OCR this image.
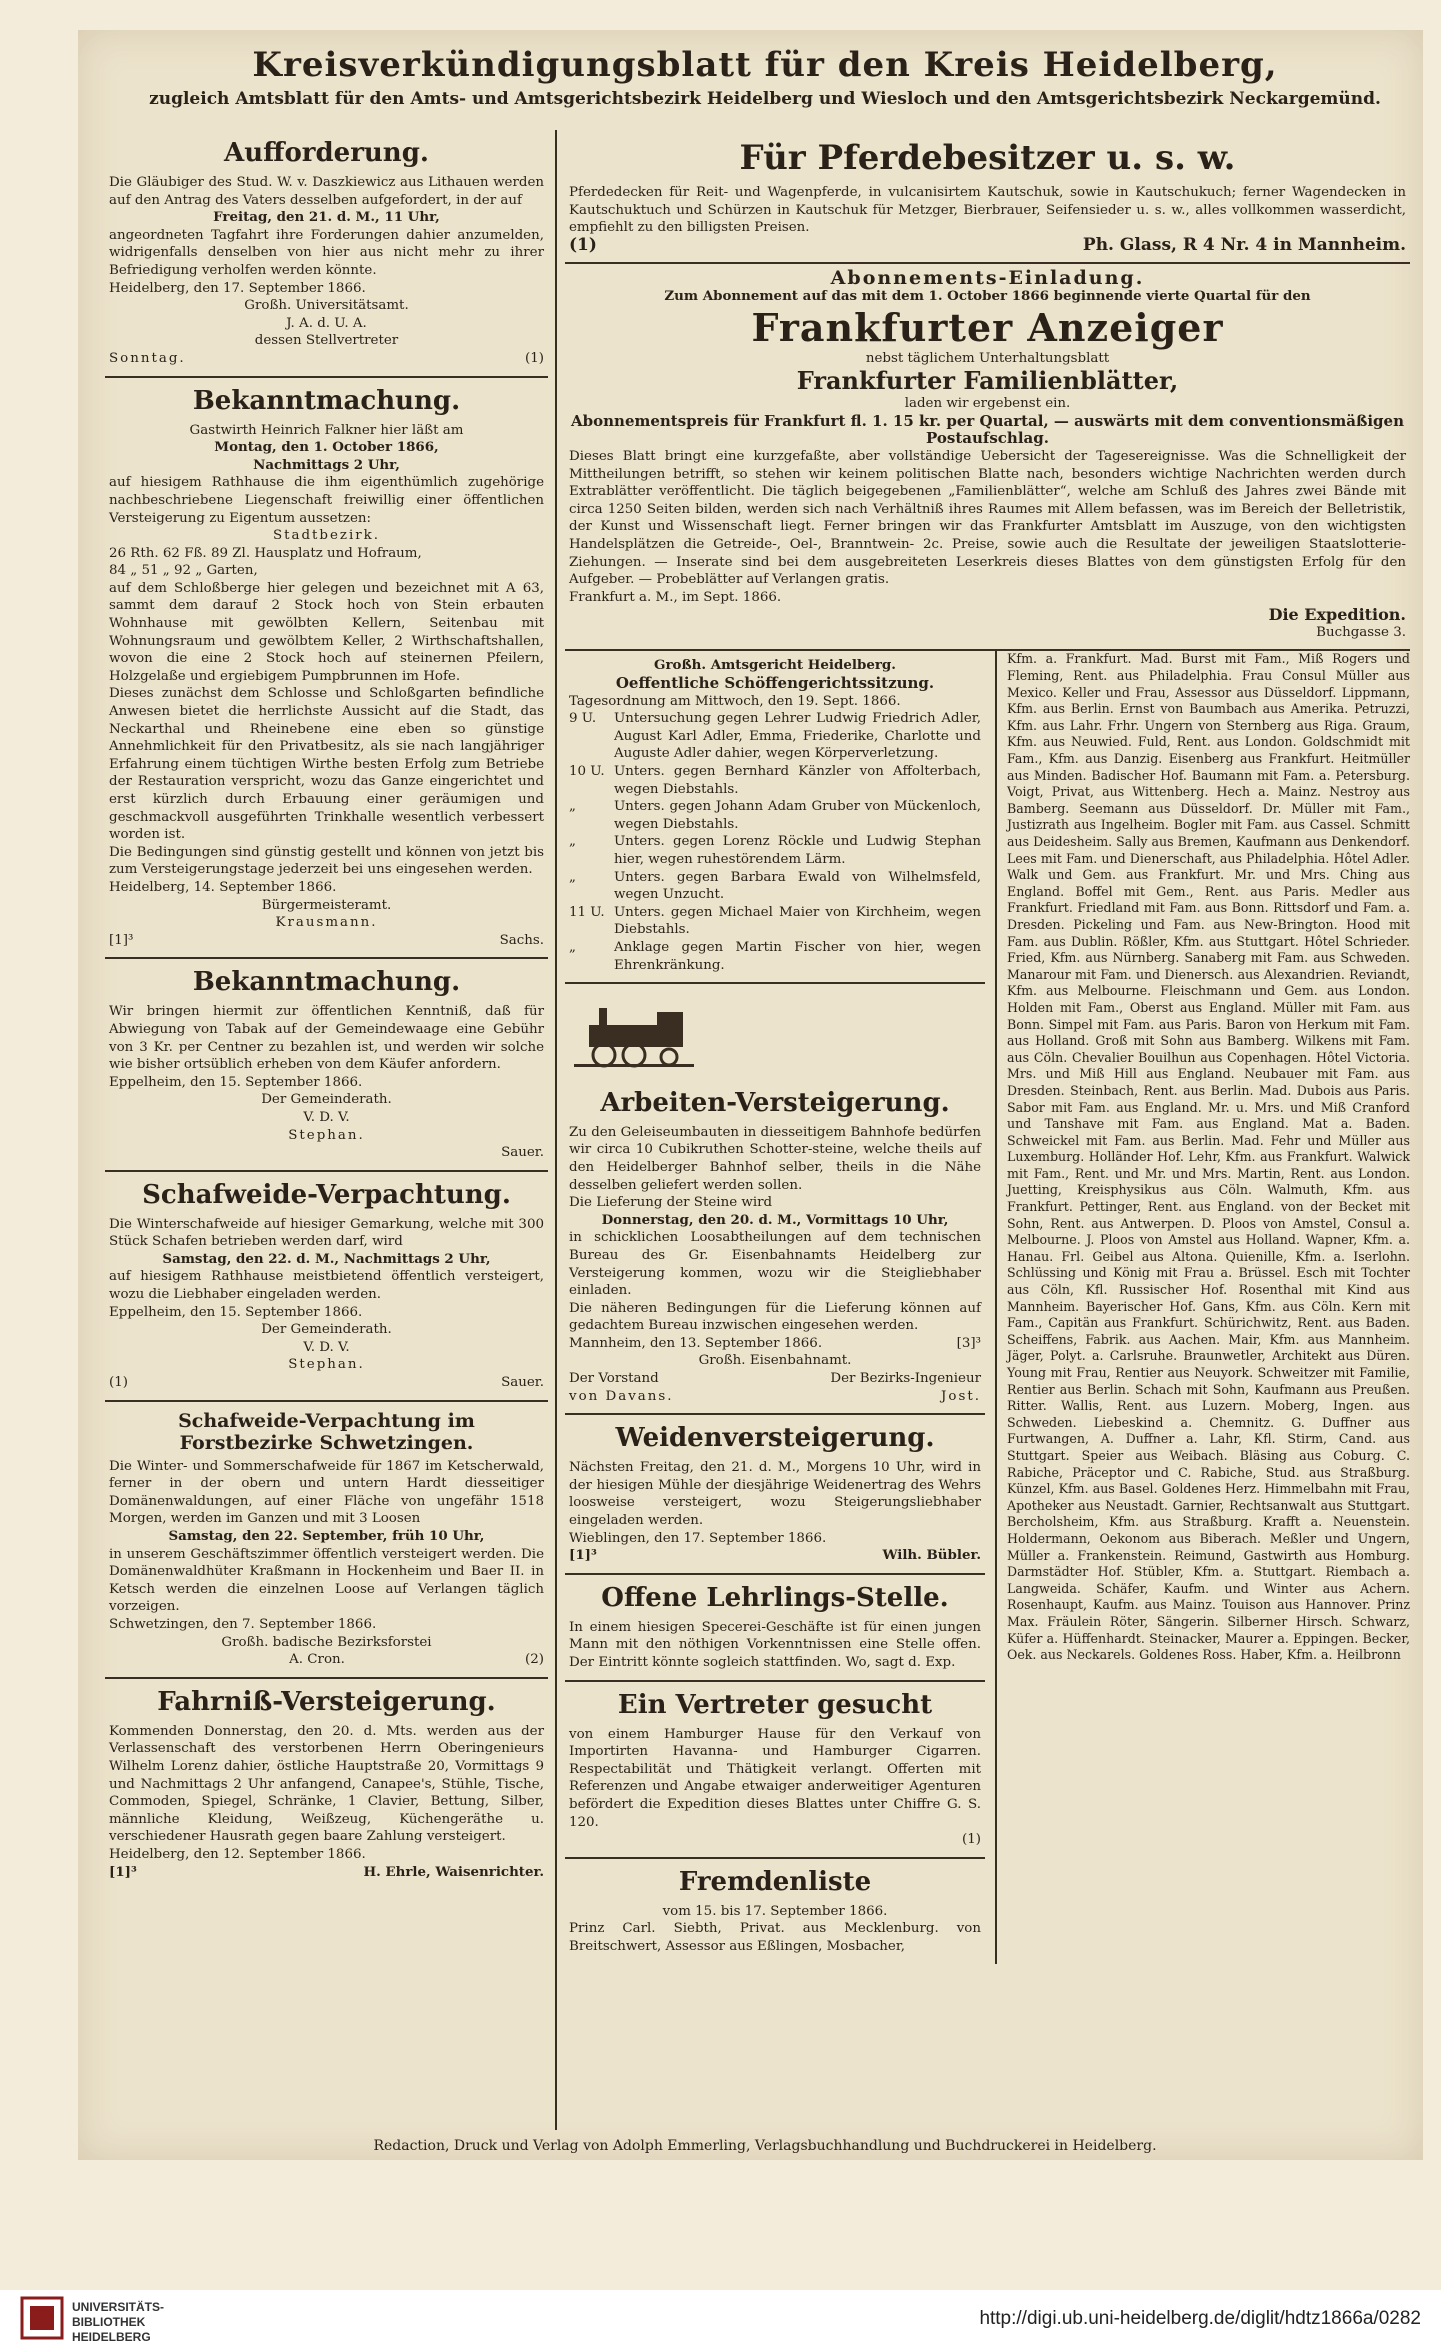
Kreisverkündigungsblatt für den Kreis Heidelberg,
zugleich Amtsblatt für den Amts- und Amtsgerichtsbezirk Heidelberg und Wiesloch und den Amtsgerichtsbezirk Neckargemünd.
Aufforderung.
Die Gläubiger des Stud. W. v. Daszkiewicz aus Lithauen werden auf den Antrag des Vaters desselben aufgefordert, in der auf
Freitag, den 21. d. M., 11 Uhr,
angeordneten Tagfahrt ihre Forderungen dahier anzumelden, widrigenfalls denselben von hier aus nicht mehr zu ihrer Befriedigung verholfen werden könnte.
Heidelberg, den 17. September 1866.
Großh. Universitätsamt.
J. A. d. U. A.
dessen Stellvertreter
Sonntag.	(1)
Bekanntmachung.
Gastwirth Heinrich Falkner hier läßt am
Montag, den 1. October 1866,
Nachmittags 2 Uhr,
auf hiesigem Rathhause die ihm eigenthümlich zugehörige nachbeschriebene Liegenschaft freiwillig einer öffentlichen Versteigerung zu Eigentum aussetzen:
Stadtbezirk.
26 Rth. 62 Fß. 89 Zl. Hausplatz und Hofraum,
84 „ 51 „ 92 „ Garten,
auf dem Schloßberge hier gelegen und bezeichnet mit A 63, sammt dem darauf 2 Stock hoch von Stein erbauten Wohnhause mit gewölbten Kellern, Seitenbau mit Wohnungsraum und gewölbtem Keller, 2 Wirthschaftshallen, wovon die eine 2 Stock hoch auf steinernen Pfeilern, Holzgelaße und ergiebigem Pumpbrunnen im Hofe.
Dieses zunächst dem Schlosse und Schloßgarten befindliche Anwesen bietet die herrlichste Aussicht auf die Stadt, das Neckarthal und Rheinebene eine eben so günstige Annehmlichkeit für den Privatbesitz, als sie nach langjähriger Erfahrung einem tüchtigen Wirthe besten Erfolg zum Betriebe der Restauration verspricht, wozu das Ganze eingerichtet und erst kürzlich durch Erbauung einer geräumigen und geschmackvoll ausgeführten Trinkhalle wesentlich verbessert worden ist.
Die Bedingungen sind günstig gestellt und können von jetzt bis zum Versteigerungstage jederzeit bei uns eingesehen werden.
Heidelberg, 14. September 1866.
Bürgermeisteramt.
Krausmann.
[1]³	Sachs.
Bekanntmachung.
Wir bringen hiermit zur öffentlichen Kenntniß, daß für Abwiegung von Tabak auf der Gemeindewaage eine Gebühr von 3 Kr. per Centner zu bezahlen ist, und werden wir solche wie bisher ortsüblich erheben von dem Käufer anfordern.
Eppelheim, den 15. September 1866.
Der Gemeinderath.
V. D. V.
Stephan.
Sauer.
Schafweide-Verpachtung.
Die Winterschafweide auf hiesiger Gemarkung, welche mit 300 Stück Schafen betrieben werden darf, wird
Samstag, den 22. d. M., Nachmittags 2 Uhr,
auf hiesigem Rathhause meistbietend öffentlich versteigert, wozu die Liebhaber eingeladen werden.
Eppelheim, den 15. September 1866.
Der Gemeinderath.
V. D. V.
Stephan.
(1)	Sauer.
Schafweide-Verpachtung im Forstbezirke Schwetzingen.
Die Winter- und Sommerschafweide für 1867 im Ketscherwald, ferner in der obern und untern Hardt diesseitiger Domänenwaldungen, auf einer Fläche von ungefähr 1518 Morgen, werden im Ganzen und mit 3 Loosen
Samstag, den 22. September, früh 10 Uhr,
in unserem Geschäftszimmer öffentlich versteigert werden. Die Domänenwaldhüter Kraßmann in Hockenheim und Baer II. in Ketsch werden die einzelnen Loose auf Verlangen täglich vorzeigen.
Schwetzingen, den 7. September 1866.
Großh. badische Bezirksforstei
A. Cron.	(2)
Fahrniß-Versteigerung.
Kommenden Donnerstag, den 20. d. Mts. werden aus der Verlassenschaft des verstorbenen Herrn Oberingenieurs Wilhelm Lorenz dahier, östliche Hauptstraße 20, Vormittags 9 und Nachmittags 2 Uhr anfangend, Canapee's, Stühle, Tische, Commoden, Spiegel, Schränke, 1 Clavier, Bettung, Silber, männliche Kleidung, Weißzeug, Küchengeräthe u. verschiedener Hausrath gegen baare Zahlung versteigert.
Heidelberg, den 12. September 1866.
[1]³	H. Ehrle, Waisenrichter.
Für Pferdebesitzer u. s. w.
Pferdedecken für Reit- und Wagenpferde, in vulcanisirtem Kautschuk, sowie in Kautschukuch; ferner Wagendecken in Kautschuktuch und Schürzen in Kautschuk für Metzger, Bierbrauer, Seifensieder u. s. w., alles vollkommen wasserdicht, empfiehlt zu den billigsten Preisen.
(1)	Ph. Glass, R 4 Nr. 4 in Mannheim.
Abonnements-Einladung.
Zum Abonnement auf das mit dem 1. October 1866 beginnende vierte Quartal für den
Frankfurter Anzeiger
nebst täglichem Unterhaltungsblatt
Frankfurter Familienblätter,
laden wir ergebenst ein.
Abonnementspreis für Frankfurt fl. 1. 15 kr. per Quartal, — auswärts mit dem conventionsmäßigen Postaufschlag.
Dieses Blatt bringt eine kurzgefaßte, aber vollständige Uebersicht der Tagesereignisse. Was die Schnelligkeit der Mittheilungen betrifft, so stehen wir keinem politischen Blatte nach, besonders wichtige Nachrichten werden durch Extrablätter veröffentlicht. Die täglich beigegebenen „Familienblätter“, welche am Schluß des Jahres zwei Bände mit circa 1250 Seiten bilden, werden sich nach Verhältniß ihres Raumes mit Allem befassen, was im Bereich der Belletristik, der Kunst und Wissenschaft liegt. Ferner bringen wir das Frankfurter Amtsblatt im Auszuge, von den wichtigsten Handelsplätzen die Getreide-, Oel-, Branntwein- 2c. Preise, sowie auch die Resultate der jeweiligen Staatslotterie-Ziehungen. — Inserate sind bei dem ausgebreiteten Leserkreis dieses Blattes von dem günstigsten Erfolg für den Aufgeber. — Probeblätter auf Verlangen gratis.
Frankfurt a. M., im Sept. 1866.
Die Expedition.
Buchgasse 3.
Großh. Amtsgericht Heidelberg.
Oeffentliche Schöffengerichtssitzung.
Tagesordnung am Mittwoch, den 19. Sept. 1866.
9 U.	Untersuchung gegen Lehrer Ludwig Friedrich Adler, August Karl Adler, Emma, Friederike, Charlotte und Auguste Adler dahier, wegen Körperverletzung.
10 U. Unters. gegen Bernhard Känzler von Affolterbach, wegen Diebstahls.
„	Unters. gegen Johann Adam Gruber von Mückenloch, wegen Diebstahls.
„	Unters. gegen Lorenz Röckle und Ludwig Stephan hier, wegen ruhestörendem Lärm.
„	Unters. gegen Barbara Ewald von Wilhelmsfeld, wegen Unzucht.
11 U. Unters. gegen Michael Maier von Kirchheim, wegen Diebstahls.
„	Anklage gegen Martin Fischer von hier, wegen Ehrenkränkung.
Arbeiten-Versteigerung.
Zu den Geleiseumbauten in diesseitigem Bahnhofe bedürfen wir circa 10 Cubikruthen Schotter-steine, welche theils auf den Heidelberger Bahnhof selber, theils in die Nähe desselben geliefert werden sollen.
Die Lieferung der Steine wird
Donnerstag, den 20. d. M., Vormittags 10 Uhr,
in schicklichen Loosabtheilungen auf dem technischen Bureau des Gr. Eisenbahnamts Heidelberg zur Versteigerung kommen, wozu wir die Steigliebhaber einladen.
Die näheren Bedingungen für die Lieferung können auf gedachtem Bureau inzwischen eingesehen werden.
Mannheim, den 13. September 1866.	[3]³
Großh. Eisenbahnamt.
Der Vorstand	Der Bezirks-Ingenieur
von Davans.	Jost.
Weidenversteigerung.
Nächsten Freitag, den 21. d. M., Morgens 10 Uhr, wird in der hiesigen Mühle der diesjährige Weidenertrag des Wehrs loosweise versteigert, wozu Steigerungsliebhaber eingeladen werden.
Wieblingen, den 17. September 1866.
[1]³	Wilh. Bübler.
Offene Lehrlings-Stelle.
In einem hiesigen Specerei-Geschäfte ist für einen jungen Mann mit den nöthigen Vorkenntnissen eine Stelle offen. Der Eintritt könnte sogleich stattfinden. Wo, sagt d. Exp.
Ein Vertreter gesucht
von einem Hamburger Hause für den Verkauf von Importirten Havanna- und Hamburger Cigarren. Respectabilität und Thätigkeit verlangt. Offerten mit Referenzen und Angabe etwaiger anderweitiger Agenturen befördert die Expedition dieses Blattes unter Chiffre G. S. 120.
(1)
Fremdenliste
vom 15. bis 17. September 1866.
Prinz Carl. Siebth, Privat. aus Mecklenburg. von Breitschwert, Assessor aus Eßlingen, Mosbacher,
Kfm. a. Frankfurt. Mad. Burst mit Fam., Miß Rogers und Fleming, Rent. aus Philadelphia. Frau Consul Müller aus Mexico. Keller und Frau, Assessor aus Düsseldorf. Lippmann, Kfm. aus Berlin. Ernst von Baumbach aus Amerika. Petruzzi, Kfm. aus Lahr. Frhr. Ungern von Sternberg aus Riga. Graum, Kfm. aus Neuwied. Fuld, Rent. aus London. Goldschmidt mit Fam., Kfm. aus Danzig. Eisenberg aus Frankfurt. Heitmüller aus Minden. Badischer Hof. Baumann mit Fam. a. Petersburg. Voigt, Privat, aus Wittenberg. Hech a. Mainz. Nestroy aus Bamberg. Seemann aus Düsseldorf. Dr. Müller mit Fam., Justizrath aus Ingelheim. Bogler mit Fam. aus Cassel. Schmitt aus Deidesheim. Sally aus Bremen, Kaufmann aus Denkendorf. Lees mit Fam. und Dienerschaft, aus Philadelphia. Hôtel Adler. Walk und Gem. aus Frankfurt. Mr. und Mrs. Ching aus England. Boffel mit Gem., Rent. aus Paris. Medler aus Frankfurt. Friedland mit Fam. aus Bonn. Rittsdorf und Fam. a. Dresden. Pickeling und Fam. aus New-Brington. Hood mit Fam. aus Dublin. Rößler, Kfm. aus Stuttgart. Hôtel Schrieder. Fried, Kfm. aus Nürnberg. Sanaberg mit Fam. aus Schweden. Manarour mit Fam. und Dienersch. aus Alexandrien. Reviandt, Kfm. aus Melbourne. Fleischmann und Gem. aus London. Holden mit Fam., Oberst aus England. Müller mit Fam. aus Bonn. Simpel mit Fam. aus Paris. Baron von Herkum mit Fam. aus Holland. Groß mit Sohn aus Bamberg. Wilkens mit Fam. aus Cöln. Chevalier Bouilhun aus Copenhagen. Hôtel Victoria. Mrs. und Miß Hill aus England. Neubauer mit Fam. aus Dresden. Steinbach, Rent. aus Berlin. Mad. Dubois aus Paris. Sabor mit Fam. aus England. Mr. u. Mrs. und Miß Cranford und Tanshave mit Fam. aus England. Mat a. Baden. Schweickel mit Fam. aus Berlin. Mad. Fehr und Müller aus Luxemburg. Holländer Hof. Lehr, Kfm. aus Frankfurt. Walwick mit Fam., Rent. und Mr. und Mrs. Martin, Rent. aus London. Juetting, Kreisphysikus aus Cöln. Walmuth, Kfm. aus Frankfurt. Pettinger, Rent. aus England. von der Becket mit Sohn, Rent. aus Antwerpen. D. Ploos von Amstel, Consul a. Melbourne. J. Ploos von Amstel aus Holland. Wapner, Kfm. a. Hanau. Frl. Geibel aus Altona. Quienille, Kfm. a. Iserlohn. Schlüssing und König mit Frau a. Brüssel. Esch mit Tochter aus Cöln, Kfl. Russischer Hof. Rosenthal mit Kind aus Mannheim. Bayerischer Hof. Gans, Kfm. aus Cöln. Kern mit Fam., Capitän aus Frankfurt. Schürichwitz, Rent. aus Baden. Scheiffens, Fabrik. aus Aachen. Mair, Kfm. aus Mannheim. Jäger, Polyt. a. Carlsruhe. Braunwetler, Architekt aus Düren. Young mit Frau, Rentier aus Neuyork. Schweitzer mit Familie, Rentier aus Berlin. Schach mit Sohn, Kaufmann aus Preußen. Ritter. Wallis, Rent. aus Luzern. Moberg, Ingen. aus Schweden. Liebeskind a. Chemnitz. G. Duffner aus Furtwangen, A. Duffner a. Lahr, Kfl. Stirm, Cand. aus Stuttgart. Speier aus Weibach. Bläsing aus Coburg. C. Rabiche, Präceptor und C. Rabiche, Stud. aus Straßburg. Künzel, Kfm. aus Basel. Goldenes Herz. Himmelbahn mit Frau, Apotheker aus Neustadt. Garnier, Rechtsanwalt aus Stuttgart. Bercholsheim, Kfm. aus Straßburg. Krafft a. Neuenstein. Holdermann, Oekonom aus Biberach. Meßler und Ungern, Müller a. Frankenstein. Reimund, Gastwirth aus Homburg. Darmstädter Hof. Stübler, Kfm. a. Stuttgart. Riembach a. Langweida. Schäfer, Kaufm. und Winter aus Achern. Rosenhaupt, Kaufm. aus Mainz. Touison aus Hannover. Prinz Max. Fräulein Röter, Sängerin. Silberner Hirsch. Schwarz, Küfer a. Hüffenhardt. Steinacker, Maurer a. Eppingen. Becker, Oek. aus Neckarels. Goldenes Ross. Haber, Kfm. a. Heilbronn
Redaction, Druck und Verlag von Adolph Emmerling, Verlagsbuchhandlung und Buchdruckerei in Heidelberg.
UNIVERSITÄTS-
BIBLIOTHEK
HEIDELBERG
http://digi.ub.uni-heidelberg.de/diglit/hdtz1866a/0282
